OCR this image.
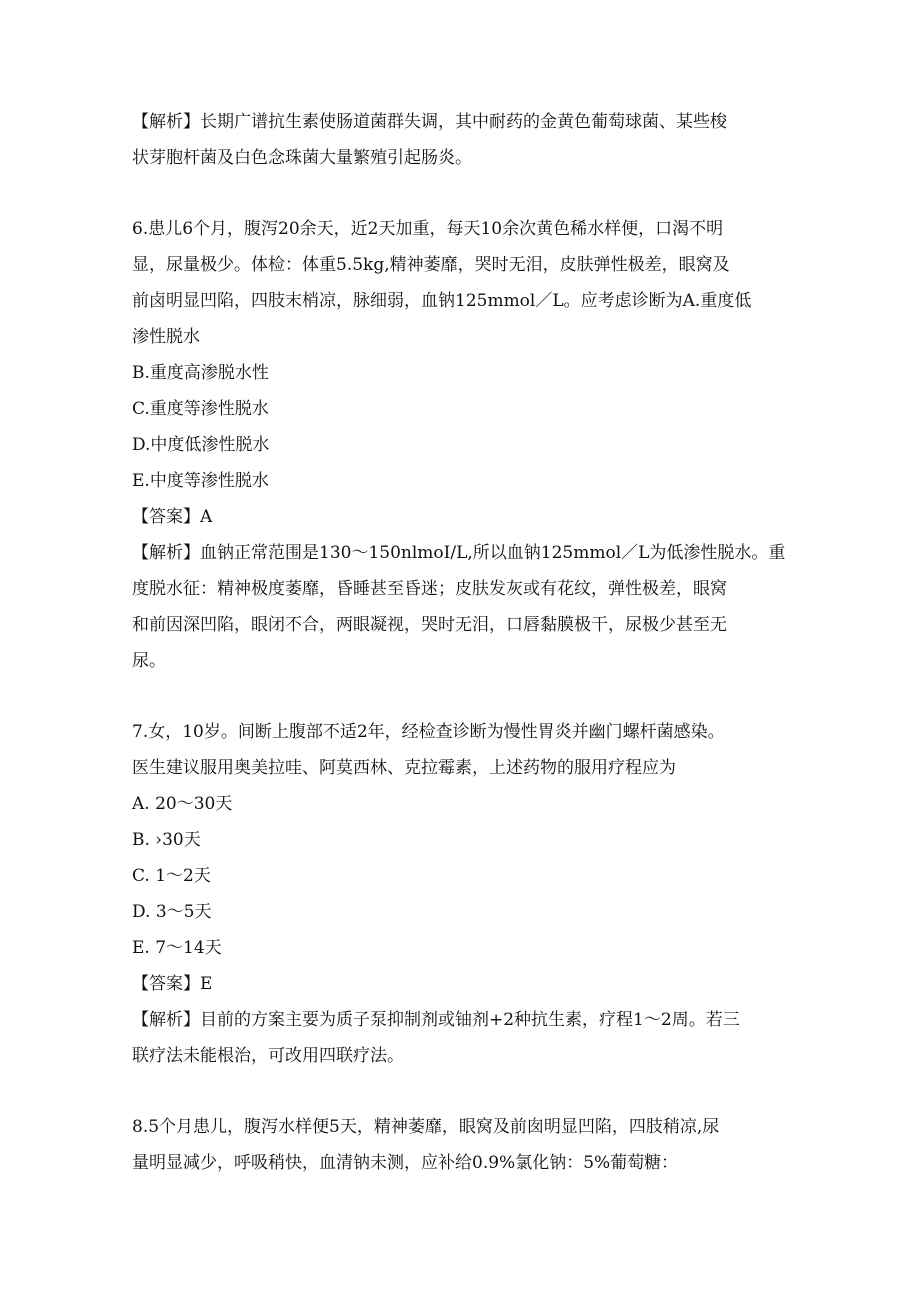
【解析】长期广谱抗生素使肠道菌群失调，其中耐药的金黄色葡萄球菌、某些梭
状芽胞杆菌及白色念珠菌大量繁殖引起肠炎。
6.患儿6个月，腹泻20余天，近2天加重，每天10余次黄色稀水样便，口渴不明
显，尿量极少。体检：体重5.5kg,精神萎靡，哭时无泪，皮肤弹性极差，眼窝及
前卤明显凹陷，四肢末梢凉，脉细弱，血钠125mmol／L。应考虑诊断为A.重度低
渗性脱水
B.重度高渗脱水性
C.重度等渗性脱水
D.中度低渗性脱水
E.中度等渗性脱水
【答案】A
【解析】血钠正常范围是130～150nlmoI/L,所以血钠125mmol／L为低渗性脱水。重
度脱水征：精神极度萎靡，昏睡甚至昏迷；皮肤发灰或有花纹，弹性极差，眼窝
和前因深凹陷，眼闭不合，两眼凝视，哭时无泪，口唇黏膜极干，尿极少甚至无
尿。
7.女，10岁。间断上腹部不适2年，经检查诊断为慢性胃炎并幽门螺杆菌感染。
医生建议服用奥美拉哇、阿莫西林、克拉霉素，上述药物的服用疗程应为
A. 20～30天
B. ›30天
C. 1～2天
D. 3～5天
E. 7～14天
【答案】E
【解析】目前的方案主要为质子泵抑制剂或铀剂+2种抗生素，疗程1～2周。若三
联疗法未能根治，可改用四联疗法。
8.5个月患儿，腹泻水样便5天，精神萎靡，眼窝及前囱明显凹陷，四肢稍凉,尿
量明显减少，呼吸稍快，血清钠未测，应补给0.9%氯化钠：5%葡萄糖：
